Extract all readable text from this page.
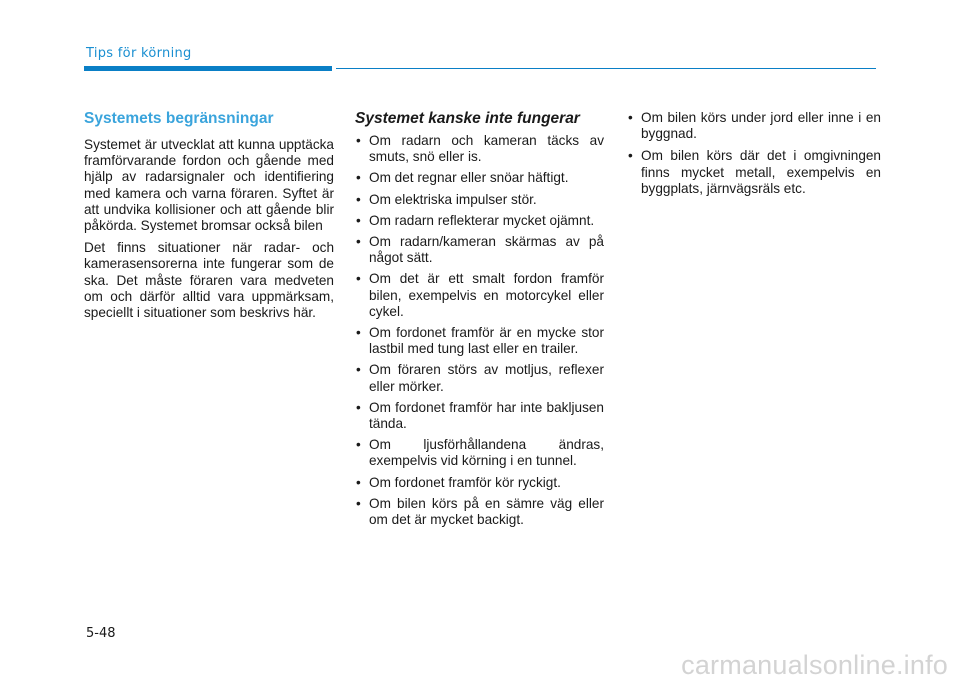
Tips för körning
Systemets begränsningar

Systemet är utvecklat att kunna upptäcka framförvarande fordon och gående med hjälp av radarsignaler och identifiering med kamera och varna föraren. Syftet är att undvika kollisioner och att gående blir påkörda. Systemet bromsar också bilen

Det finns situationer när radar- och kamerasensorerna inte fungerar som de ska. Det måste föraren vara medveten om och därför alltid vara uppmärksam, speciellt i situationer som beskrivs här.

Systemet kanske inte fungerar
• Om radarn och kameran täcks av smuts, snö eller is.
• Om det regnar eller snöar häftigt.
• Om elektriska impulser stör.
• Om radarn reflekterar mycket ojämnt.
• Om radarn/kameran skärmas av på något sätt.
• Om det är ett smalt fordon framför bilen, exempelvis en motorcykel eller cykel.
• Om fordonet framför är en mycke stor lastbil med tung last eller en trailer.
• Om föraren störs av motljus, reflexer eller mörker.
• Om fordonet framför har inte bakljusen tända.
• Om ljusförhållandena ändras, exempelvis vid körning i en tunnel.
• Om fordonet framför kör ryckigt.
• Om bilen körs på en sämre väg eller om det är mycket backigt.
• Om bilen körs under jord eller inne i en byggnad.
• Om bilen körs där det i omgivningen finns mycket metall, exempelvis en byggplats, järnvägsräls etc.
5-48
carmanualsonline.info
